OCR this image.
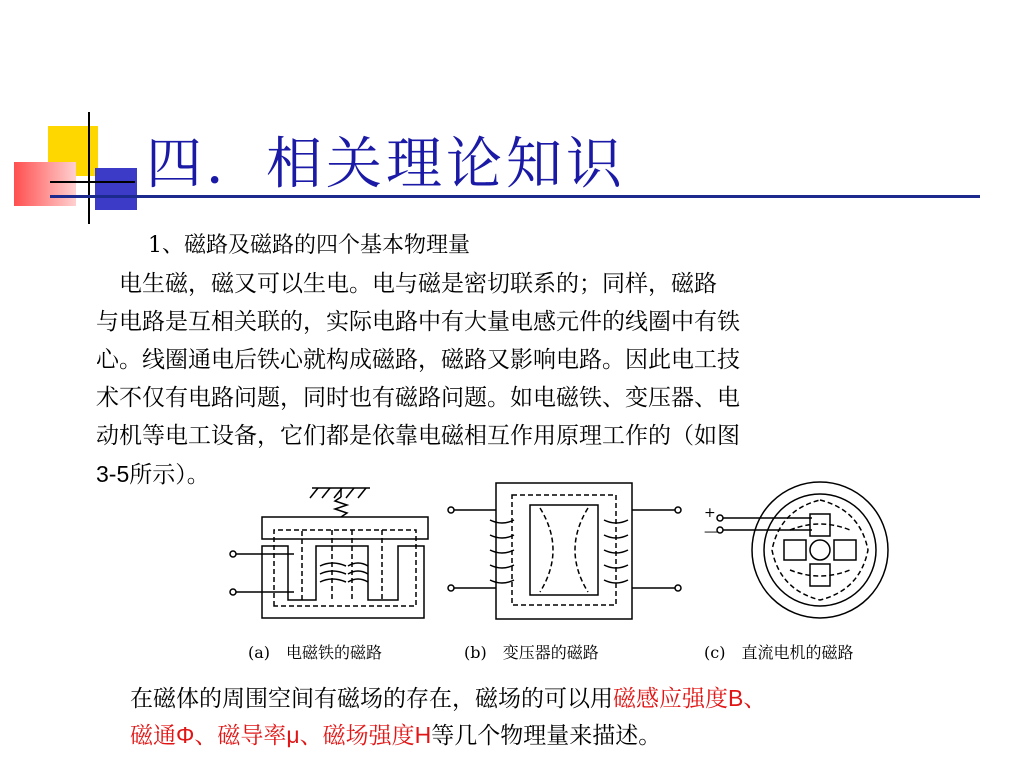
四．相关理论知识
1、磁路及磁路的四个基本物理量
　电生磁，磁又可以生电。电与磁是密切联系的；同样，磁路
与电路是互相关联的，实际电路中有大量电感元件的线圈中有铁
心。线圈通电后铁心就构成磁路，磁路又影响电路。因此电工技
术不仅有电路问题，同时也有磁路问题。如电磁铁、变压器、电
动机等电工设备，它们都是依靠电磁相互作用原理工作的（如图
3-5所示）。
+
—
(a)　电磁铁的磁路	(b)　变压器的磁路	(c)　直流电机的磁路
在磁体的周围空间有磁场的存在，磁场的可以用磁感应强度B、
磁通Φ、磁导率μ、磁场强度H等几个物理量来描述。
